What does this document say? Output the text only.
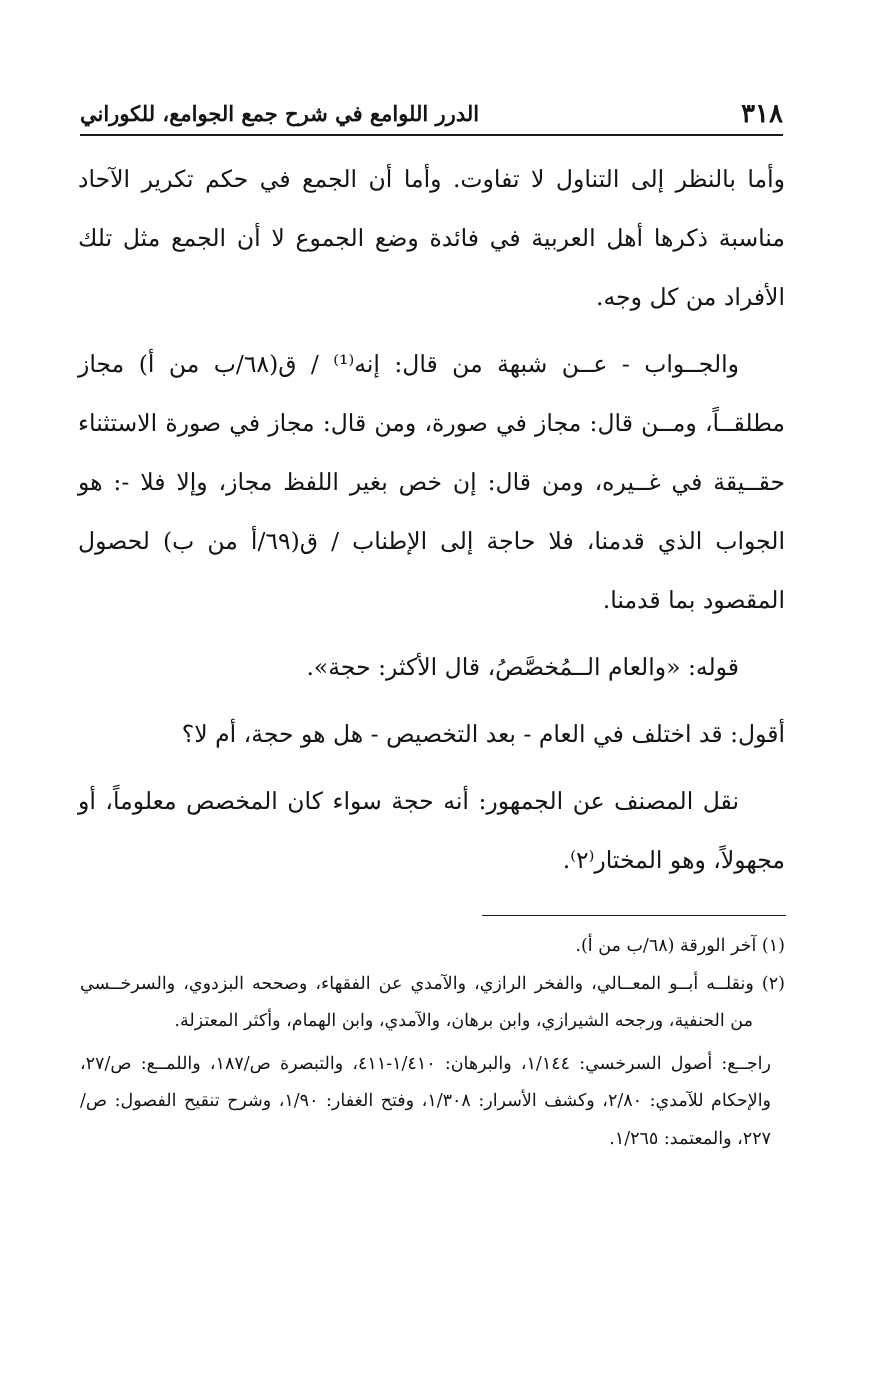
٣١٨
الدرر اللوامع في شرح جمع الجوامع، للكوراني

وأما بالنظر إلى التناول لا تفاوت. وأما أن الجمع في حكم تكرير الآحاد مناسبة ذكرها أهل العربية في فائدة وضع الجموع لا أن الجمع مثل تلك الأفراد من كل وجه.

والجــواب - عــن شبهة من قال: إنه⁽¹⁾ / ق(٦٨/ب من أ) مجاز مطلقــاً، ومــن قال: مجاز في صورة، ومن قال: مجاز في صورة الاستثناء حقــيقة في غــيره، ومن قال: إن خص بغير اللفظ مجاز، وإلا فلا -: هو الجواب الذي قدمنا، فلا حاجة إلى الإطناب / ق(٦٩/أ من ب) لحصول المقصود بما قدمنا.

قوله: «والعام الــمُخصَّصُ، قال الأكثر: حجة».

أقول: قد اختلف في العام - بعد التخصيص - هل هو حجة، أم لا؟

نقل المصنف عن الجمهور: أنه حجة سواء كان المخصص معلوماً، أو مجهولاً، وهو المختار⁽٢⁾.

(١) آخر الورقة (٦٨/ب من أ).

(٢) ونقلــه أبــو المعــالي، والفخر الرازي، والآمدي عن الفقهاء، وصححه البزدوي، والسرخــسي من الحنفية، ورجحه الشيرازي، وابن برهان، والآمدي، وابن الهمام، وأكثر المعتزلة.

راجــع: أصول السرخسي: ١/١٤٤، والبرهان: ١/٤١٠-٤١١، والتبصرة ص/١٨٧، واللمــع: ص/٢٧، والإحكام للآمدي: ٢/٨٠، وكشف الأسرار: ١/٣٠٨، وفتح الغفار: ١/٩٠، وشرح تنقيح الفصول: ص/٢٢٧، والمعتمد: ١/٢٦٥.
